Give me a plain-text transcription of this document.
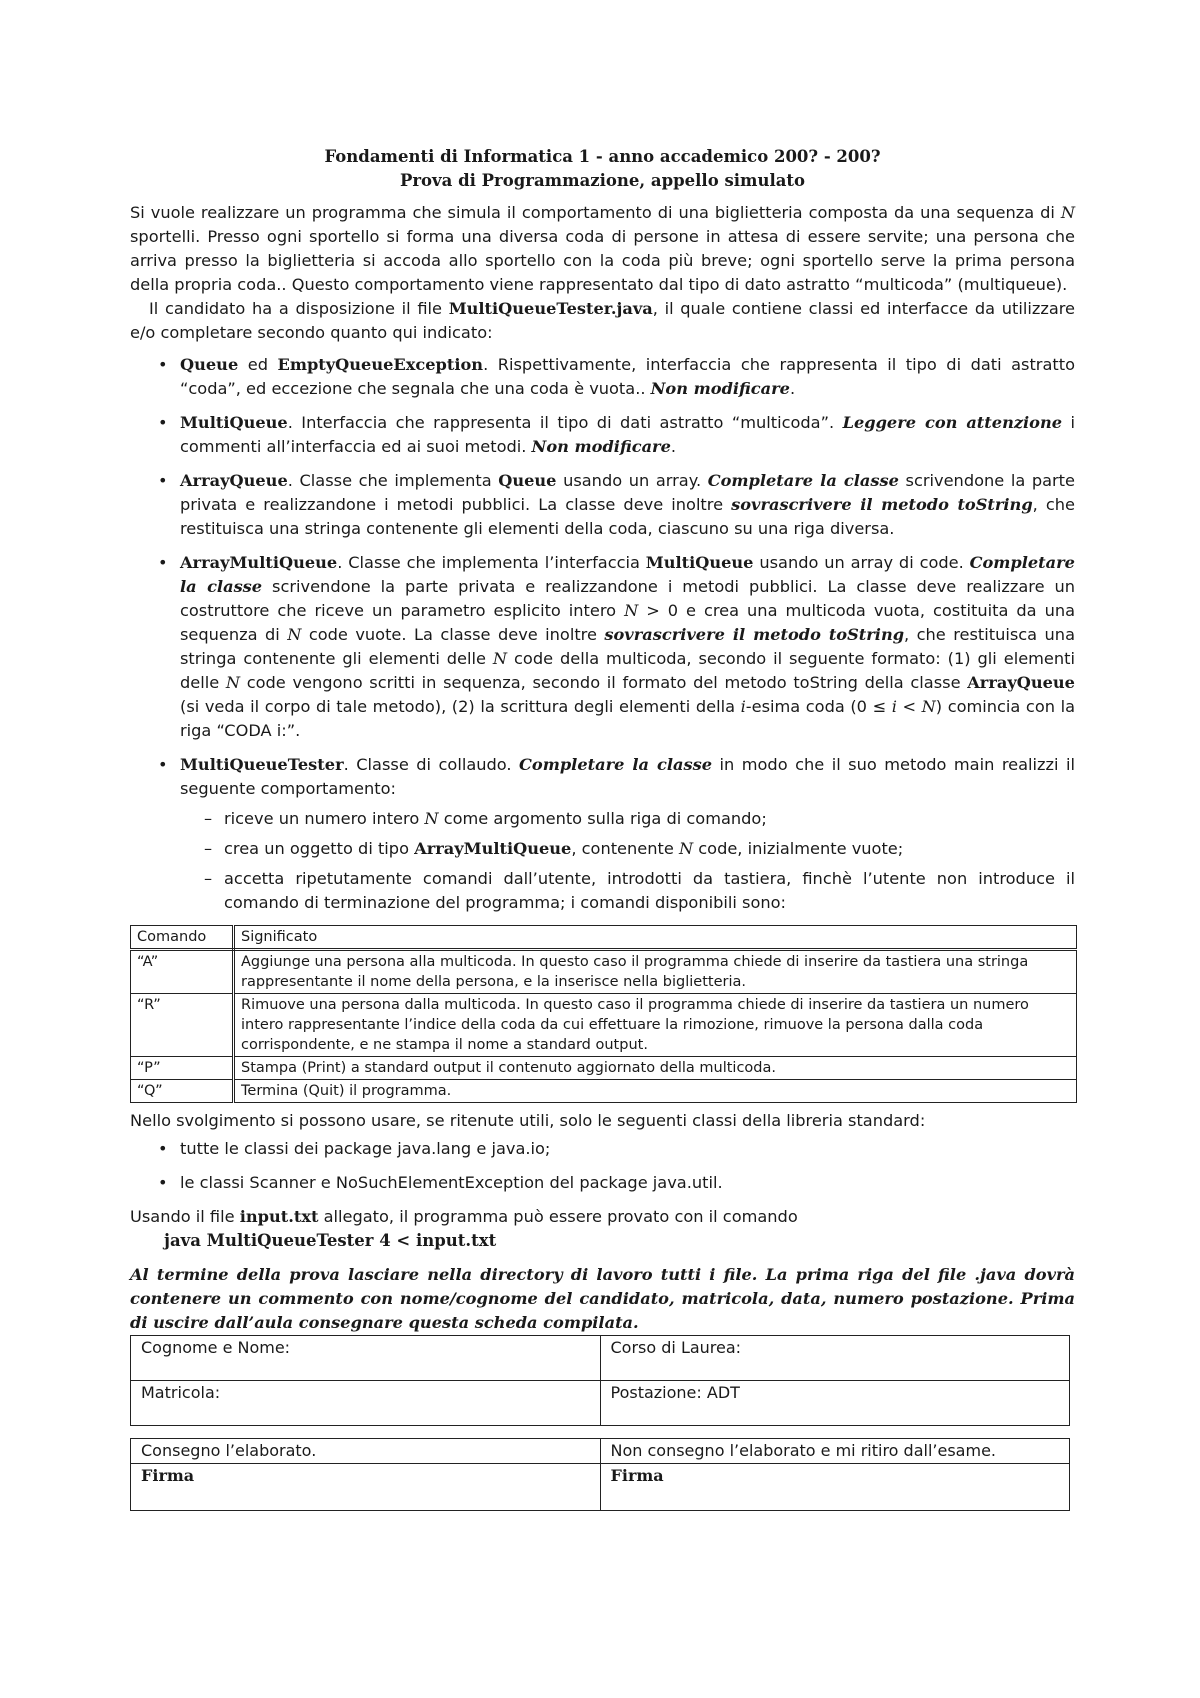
Fondamenti di Informatica 1 - anno accademico 200? - 200?
Prova di Programmazione, appello simulato

Si vuole realizzare un programma che simula il comportamento di una biglietteria composta da una sequenza di N sportelli. Presso ogni sportello si forma una diversa coda di persone in attesa di essere servite; una persona che arriva presso la biglietteria si accoda allo sportello con la coda più breve; ogni sportello serve la prima persona della propria coda.. Questo comportamento viene rappresentato dal tipo di dato astratto “multicoda” (multiqueue).

Il candidato ha a disposizione il file MultiQueueTester.java, il quale contiene classi ed interfacce da utilizzare e/o completare secondo quanto qui indicato:

• Queue ed EmptyQueueException. Rispettivamente, interfaccia che rappresenta il tipo di dati astratto “coda”, ed eccezione che segnala che una coda è vuota.. Non modificare.
• MultiQueue. Interfaccia che rappresenta il tipo di dati astratto “multicoda”. Leggere con attenzione i commenti all’interfaccia ed ai suoi metodi. Non modificare.
• ArrayQueue. Classe che implementa Queue usando un array. Completare la classe scrivendone la parte privata e realizzandone i metodi pubblici. La classe deve inoltre sovrascrivere il metodo toString, che restituisca una stringa contenente gli elementi della coda, ciascuno su una riga diversa.
• ArrayMultiQueue. Classe che implementa l’interfaccia MultiQueue usando un array di code. Completare la classe scrivendone la parte privata e realizzandone i metodi pubblici. La classe deve realizzare un costruttore che riceve un parametro esplicito intero N > 0 e crea una multicoda vuota, costituita da una sequenza di N code vuote. La classe deve inoltre sovrascrivere il metodo toString, che restituisca una stringa contenente gli elementi delle N code della multicoda, secondo il seguente formato: (1) gli elementi delle N code vengono scritti in sequenza, secondo il formato del metodo toString della classe ArrayQueue (si veda il corpo di tale metodo), (2) la scrittura degli elementi della i-esima coda (0 ≤ i < N) comincia con la riga “CODA i:”.
• MultiQueueTester. Classe di collaudo. Completare la classe in modo che il suo metodo main realizzi il seguente comportamento:
– riceve un numero intero N come argomento sulla riga di comando;
– crea un oggetto di tipo ArrayMultiQueue, contenente N code, inizialmente vuote;
– accetta ripetutamente comandi dall’utente, introdotti da tastiera, finchè l’utente non introduce il comando di terminazione del programma; i comandi disponibili sono:
Comando	Significato
“A”	Aggiunge una persona alla multicoda. In questo caso il programma chiede di inserire da tastiera una stringa rappresentante il nome della persona, e la inserisce nella biglietteria.
“R”	Rimuove una persona dalla multicoda. In questo caso il programma chiede di inserire da tastiera un numero intero rappresentante l’indice della coda da cui effettuare la rimozione, rimuove la persona dalla coda corrispondente, e ne stampa il nome a standard output.
“P”	Stampa (Print) a standard output il contenuto aggiornato della multicoda.
“Q”	Termina (Quit) il programma.

Nello svolgimento si possono usare, se ritenute utili, solo le seguenti classi della libreria standard:

• tutte le classi dei package java.lang e java.io;
• le classi Scanner e NoSuchElementException del package java.util.

Usando il file input.txt allegato, il programma può essere provato con il comando

java MultiQueueTester 4 < input.txt
Al termine della prova lasciare nella directory di lavoro tutti i file. La prima riga del file .java dovrà contenere un commento con nome/cognome del candidato, matricola, data, numero postazione. Prima di uscire dall’aula consegnare questa scheda compilata.
Cognome e Nome:	Corso di Laurea:
Matricola:	Postazione: ADT
Consegno l’elaborato.	Non consegno l’elaborato e mi ritiro dall’esame.
Firma	Firma
